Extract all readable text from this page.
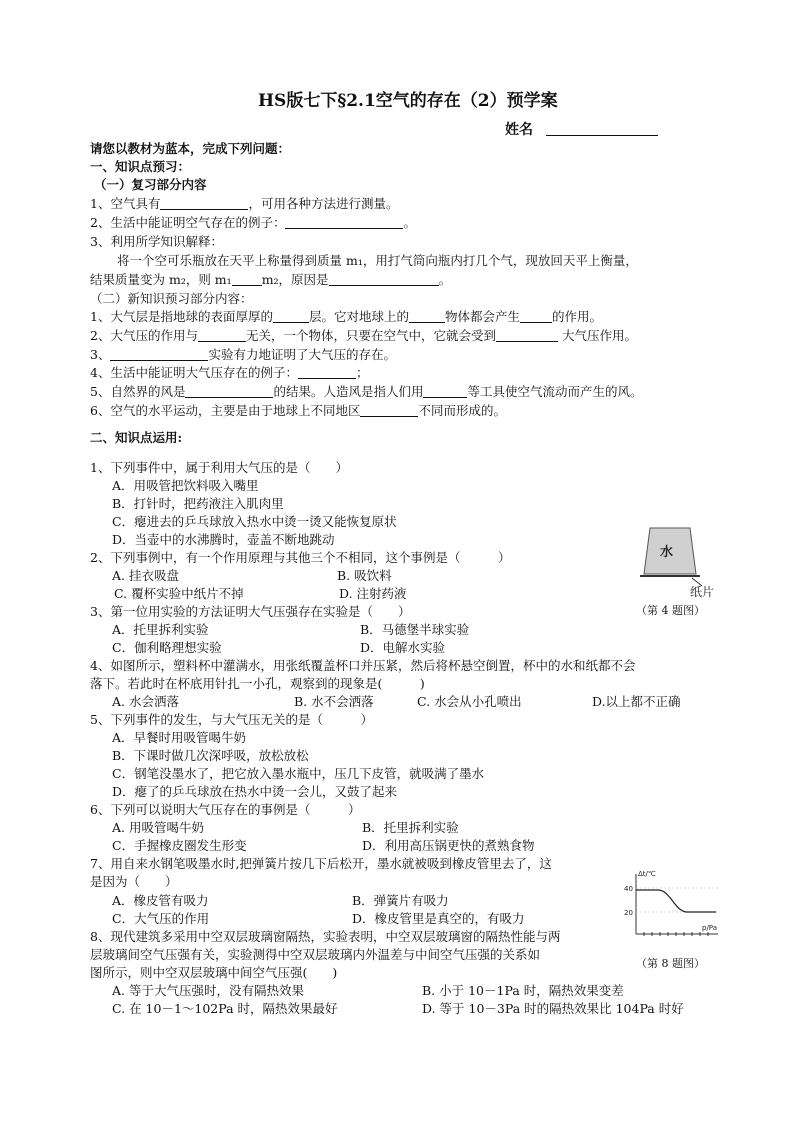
HS版七下§2.1空气的存在（2）预学案
姓名
请您以教材为蓝本，完成下列问题：
一、知识点预习：
（一）复习部分内容
1、空气具有	，可用各种方法进行测量。
2、生活中能证明空气存在的例子：	。
3、利用所学知识解释：
将一个空可乐瓶放在天平上称量得到质量 m₁，用打气筒向瓶内打几个气，现放回天平上衡量，
结果质量变为 m₂，则 m₁ m₂，原因是	。
（二）新知识预习部分内容：
1、大气层是指地球的表面厚厚的	层。它对地球上的	物体都会产生	的作用。
2、大气压的作用与	无关，一个物体，只要在空气中，它就会受到	大气压作用。
3、	实验有力地证明了大气压的存在。
4、生活中能证明大气压存在的例子：	；
5、自然界的风是	的结果。人造风是指人们用	等工具使空气流动而产生的风。
6、空气的水平运动，主要是由于地球上不同地区	不同而形成的。
二、知识点运用:
1、下列事件中，属于利用大气压的是（　　）
A．用吸管把饮料吸入嘴里
B．打针时，把药液注入肌肉里
C．瘪进去的乒乓球放入热水中烫一烫又能恢复原状
D．当壶中的水沸腾时，壶盖不断地跳动
2、下列事例中，有一个作用原理与其他三个不相同，这个事例是（　　　）
A. 挂衣吸盘	B. 吸饮料
C. 覆杯实验中纸片不掉	D. 注射药液
3、第一位用实验的方法证明大气压强存在实验是（　　）
A．托里拆利实验	B．马德堡半球实验
C．伽利略理想实验	D．电解水实验
4、如图所示，塑料杯中灌满水，用张纸覆盖杯口并压紧，然后将杯悬空倒置，杯中的水和纸都不会
落下。若此时在杯底用针扎一小孔，观察到的现象是(　　　)
A. 水会洒落	B. 水不会洒落	C. 水会从小孔喷出	D.以上都不正确
5、下列事件的发生，与大气压无关的是（　　　）
A．早餐时用吸管喝牛奶
B．下课时做几次深呼吸，放松放松
C．钢笔没墨水了，把它放入墨水瓶中，压几下皮管，就吸满了墨水
D．瘪了的乒乓球放在热水中烫一会儿，又鼓了起来
6、下列可以说明大气压存在的事例是（　　　）
A. 用吸管喝牛奶	B．托里拆利实验
C．手握橡皮圈发生形变	D．利用高压锅更快的煮熟食物
7、用自来水钢笔吸墨水时,把弹簧片按几下后松开，墨水就被吸到橡皮管里去了，这
是因为（　　）
A．橡皮管有吸力	B．弹簧片有吸力
C．大气压的作用	D．橡皮管里是真空的，有吸力
8、现代建筑多采用中空双层玻璃窗隔热，实验表明，中空双层玻璃窗的隔热性能与两
层玻璃间空气压强有关，实验测得中空双层玻璃内外温差与中间空气压强的关系如
图所示，则中空双层玻璃中间空气压强(　　)
A. 等于大气压强时，没有隔热效果	B. 小于 10－1Pa 时，隔热效果变差
C. 在 10－1～102Pa 时，隔热效果最好	D. 等于 10－3Pa 时的隔热效果比 104Pa 时好
水
纸片
（第 4 题图）
Δt/℃
40
20
p/Pa
（第 8 题图）
